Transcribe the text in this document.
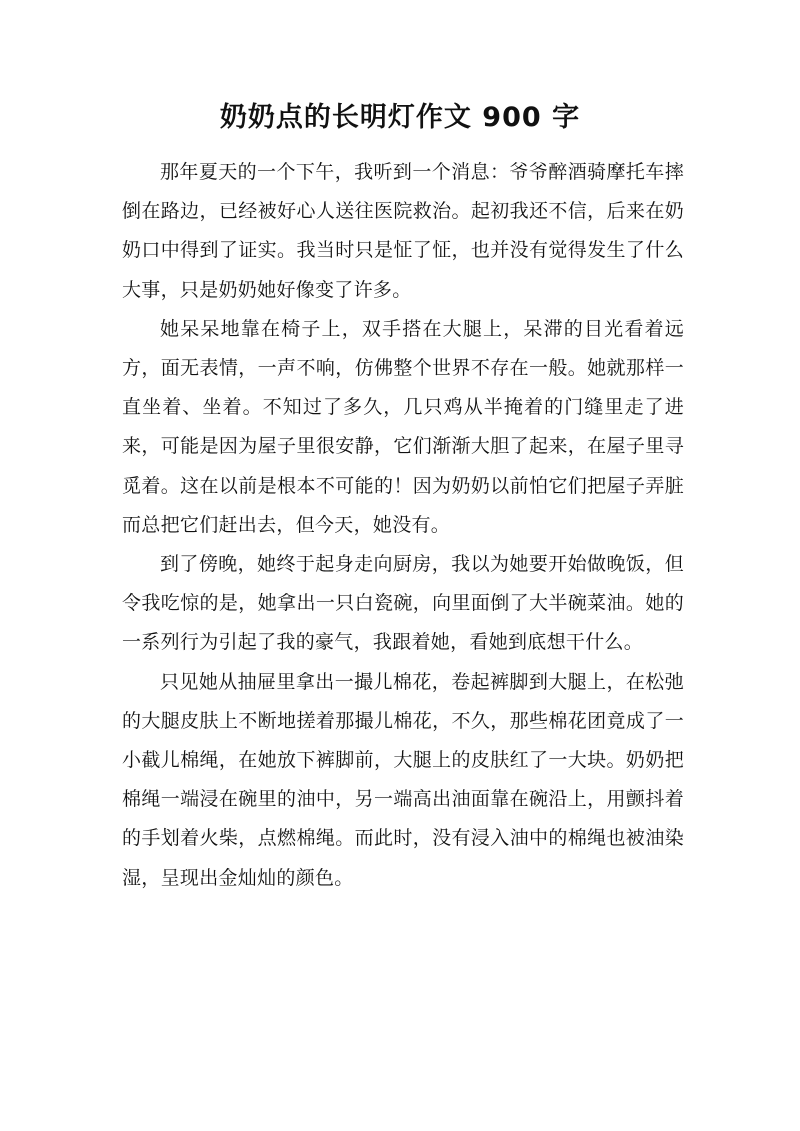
奶奶点的长明灯作文 900 字

那年夏天的一个下午，我听到一个消息：爷爷醉酒骑摩托车摔倒在路边，已经被好心人送往医院救治。起初我还不信，后来在奶奶口中得到了证实。我当时只是怔了怔，也并没有觉得发生了什么大事，只是奶奶她好像变了许多。

她呆呆地靠在椅子上，双手搭在大腿上，呆滞的目光看着远方，面无表情，一声不响，仿佛整个世界不存在一般。她就那样一直坐着、坐着。不知过了多久，几只鸡从半掩着的门缝里走了进来，可能是因为屋子里很安静，它们渐渐大胆了起来，在屋子里寻觅着。这在以前是根本不可能的！因为奶奶以前怕它们把屋子弄脏而总把它们赶出去，但今天，她没有。

到了傍晚，她终于起身走向厨房，我以为她要开始做晚饭，但令我吃惊的是，她拿出一只白瓷碗，向里面倒了大半碗菜油。她的一系列行为引起了我的豪气，我跟着她，看她到底想干什么。

只见她从抽屉里拿出一撮儿棉花，卷起裤脚到大腿上，在松弛的大腿皮肤上不断地搓着那撮儿棉花，不久，那些棉花团竟成了一小截儿棉绳，在她放下裤脚前，大腿上的皮肤红了一大块。奶奶把棉绳一端浸在碗里的油中，另一端高出油面靠在碗沿上，用颤抖着的手划着火柴，点燃棉绳。而此时，没有浸入油中的棉绳也被油染湿，呈现出金灿灿的颜色。
